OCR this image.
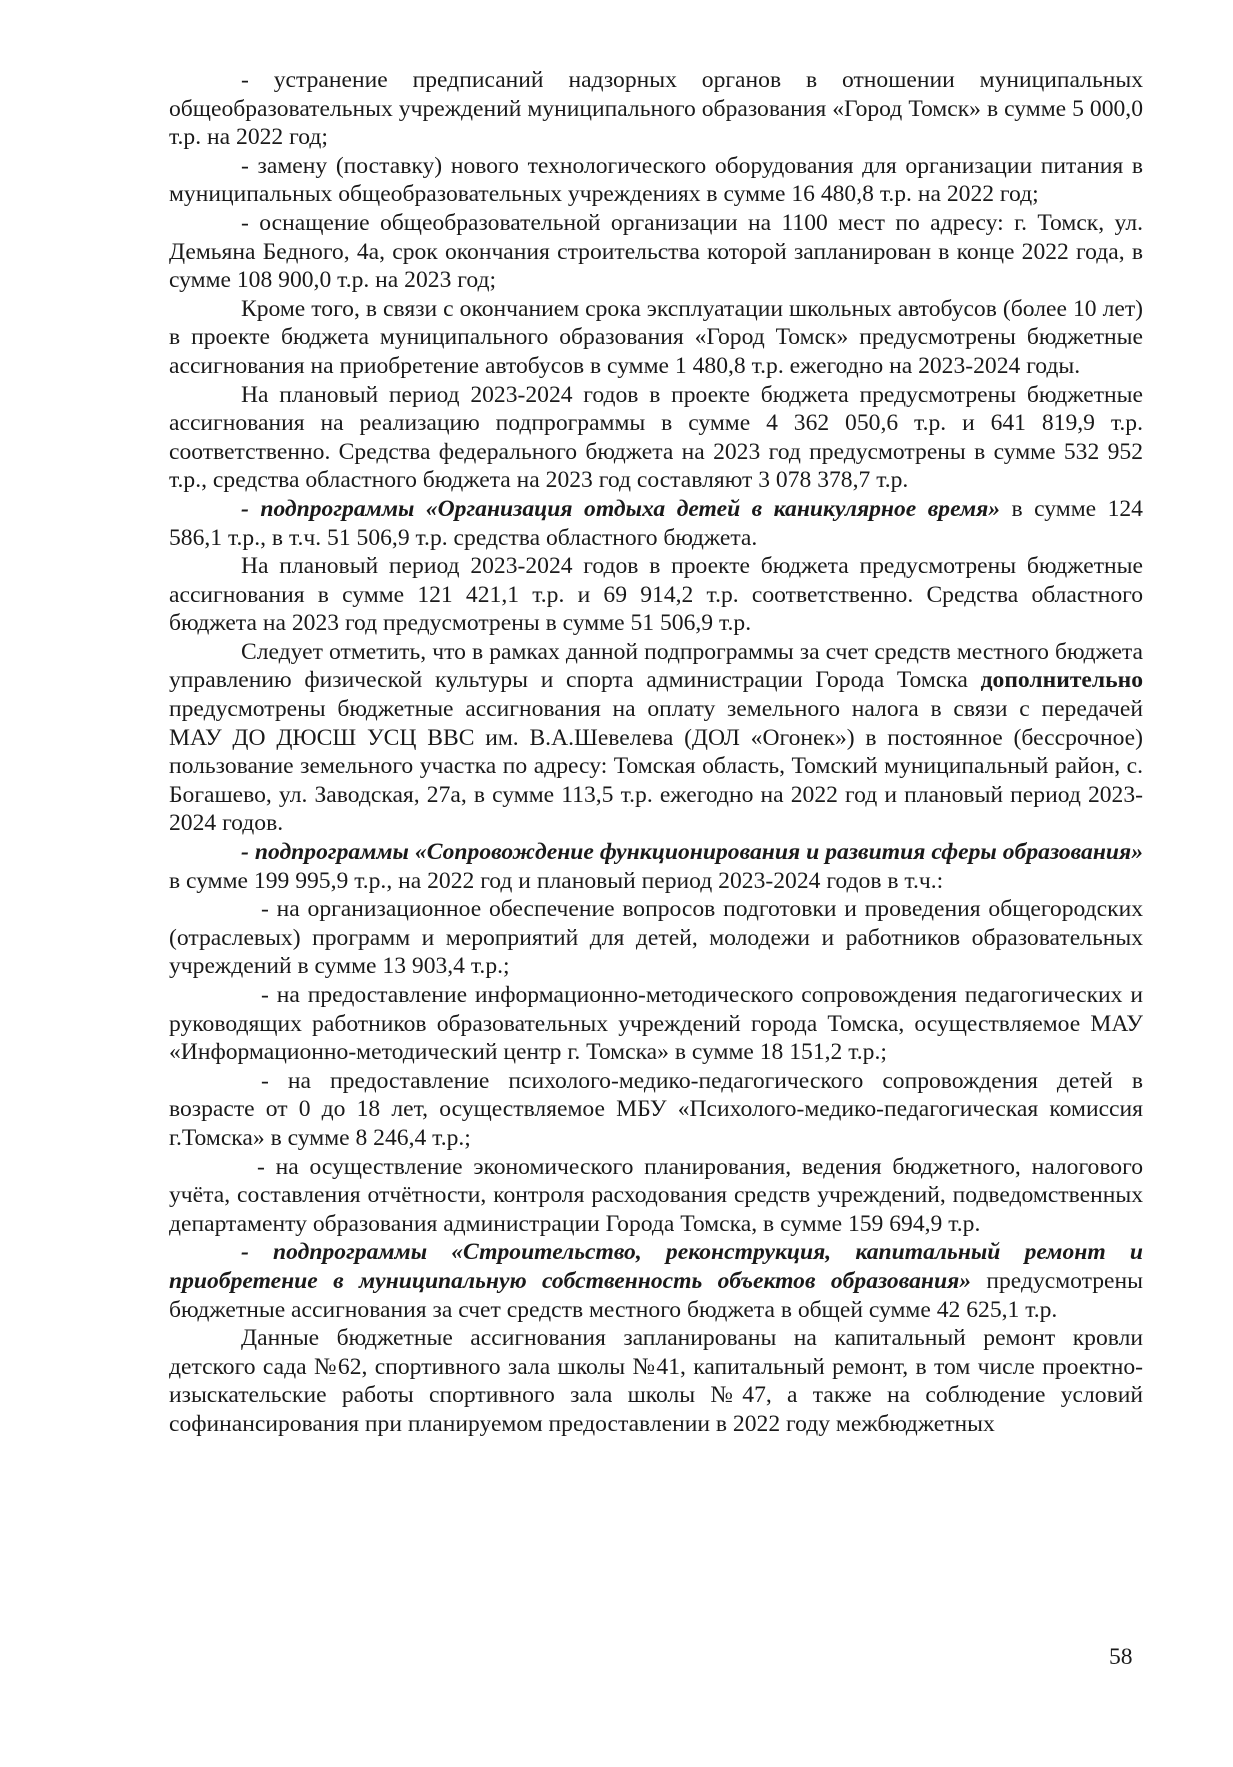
- устранение предписаний надзорных органов в отношении муниципальных общеобразовательных учреждений муниципального образования «Город Томск» в сумме 5 000,0 т.р. на 2022 год;

- замену (поставку) нового технологического оборудования для организации питания в муниципальных общеобразовательных учреждениях в сумме 16 480,8 т.р. на 2022 год;

- оснащение общеобразовательной организации на 1100 мест по адресу: г. Томск, ул. Демьяна Бедного, 4а, срок окончания строительства которой запланирован в конце 2022 года, в сумме 108 900,0 т.р. на 2023 год;

Кроме того, в связи с окончанием срока эксплуатации школьных автобусов (более 10 лет) в проекте бюджета муниципального образования «Город Томск» предусмотрены бюджетные ассигнования на приобретение автобусов в сумме 1 480,8 т.р. ежегодно на 2023-2024 годы.

На плановый период 2023-2024 годов в проекте бюджета предусмотрены бюджетные ассигнования на реализацию подпрограммы в сумме 4 362 050,6 т.р. и 641 819,9 т.р. соответственно. Средства федерального бюджета на 2023 год предусмотрены в сумме 532 952 т.р., средства областного бюджета на 2023 год составляют 3 078 378,7 т.р.

- подпрограммы «Организация отдыха детей в каникулярное время» в сумме 124 586,1 т.р., в т.ч. 51 506,9 т.р. средства областного бюджета.

На плановый период 2023-2024 годов в проекте бюджета предусмотрены бюджетные ассигнования в сумме 121 421,1 т.р. и 69 914,2 т.р. соответственно. Средства областного бюджета на 2023 год предусмотрены в сумме 51 506,9 т.р.

Следует отметить, что в рамках данной подпрограммы за счет средств местного бюджета управлению физической культуры и спорта администрации Города Томска дополнительно предусмотрены бюджетные ассигнования на оплату земельного налога в связи с передачей МАУ ДО ДЮСШ УСЦ ВВС им. В.А.Шевелева (ДОЛ «Огонек») в постоянное (бессрочное) пользование земельного участка по адресу: Томская область, Томский муниципальный район, с. Богашево, ул. Заводская, 27а, в сумме 113,5 т.р. ежегодно на 2022 год и плановый период 2023-2024 годов.

- подпрограммы «Сопровождение функционирования и развития сферы образования» в сумме 199 995,9 т.р., на 2022 год и плановый период 2023-2024 годов в т.ч.:

- на организационное обеспечение вопросов подготовки и проведения общегородских (отраслевых) программ и мероприятий для детей, молодежи и работников образовательных учреждений в сумме 13 903,4 т.р.;

- на предоставление информационно-методического сопровождения педагогических и руководящих работников образовательных учреждений города Томска, осуществляемое МАУ «Информационно-методический центр г. Томска» в сумме 18 151,2 т.р.;

- на предоставление психолого-медико-педагогического сопровождения детей в возрасте от 0 до 18 лет, осуществляемое МБУ «Психолого-медико-педагогическая комиссия г.Томска» в сумме 8 246,4 т.р.;

- на осуществление экономического планирования, ведения бюджетного, налогового учёта, составления отчётности, контроля расходования средств учреждений, подведомственных департаменту образования администрации Города Томска, в сумме 159 694,9 т.р.

- подпрограммы «Строительство, реконструкция, капитальный ремонт и приобретение в муниципальную собственность объектов образования» предусмотрены бюджетные ассигнования за счет средств местного бюджета в общей сумме 42 625,1 т.р.

Данные бюджетные ассигнования запланированы на капитальный ремонт кровли детского сада №62, спортивного зала школы №41, капитальный ремонт, в том числе проектно-изыскательские работы спортивного зала школы №47, а также на соблюдение условий софинансирования при планируемом предоставлении в 2022 году межбюджетных

58
